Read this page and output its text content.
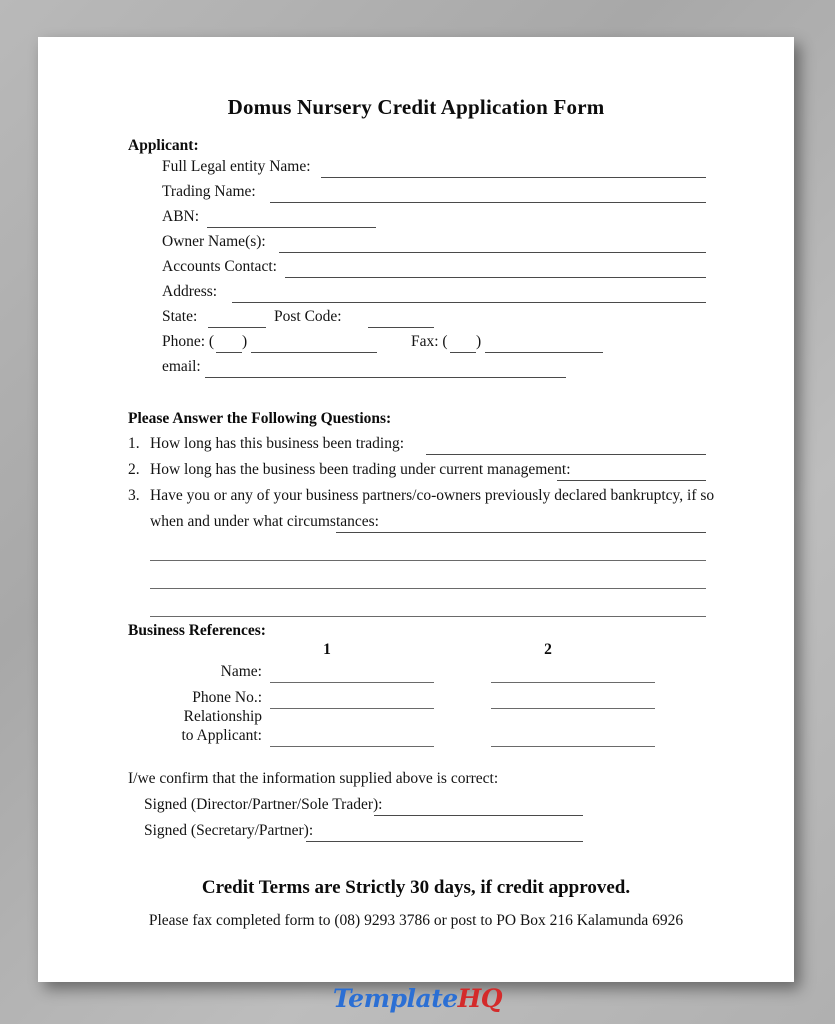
Domus Nursery Credit Application Form
Applicant:
Full Legal entity Name:
Trading Name:
ABN:
Owner Name(s):
Accounts Contact:
Address:
State:	Post Code:
Phone: ( )	Fax: ( )
email:
Please Answer the Following Questions:
1. How long has this business been trading:
2. How long has the business been trading under current management:
3. Have you or any of your business partners/co-owners previously declared bankruptcy, if so
when and under what circumstances:
Business References:
1	2
Name:
Phone No.:
Relationship
to Applicant:
I/we confirm that the information supplied above is correct:
Signed (Director/Partner/Sole Trader):
Signed (Secretary/Partner):
Credit Terms are Strictly 30 days, if credit approved.
Please fax completed form to (08) 9293 3786 or post to PO Box 216 Kalamunda 6926
TemplateHQ
